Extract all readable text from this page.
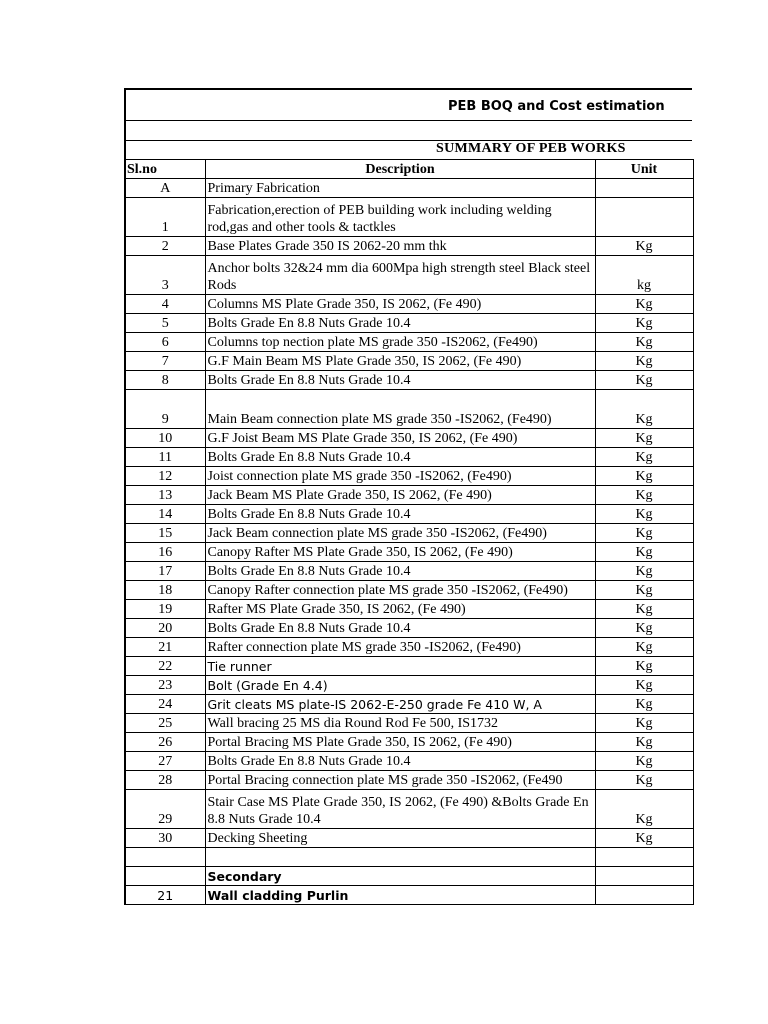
PEB BOQ and Cost estimation
SUMMARY OF PEB WORKS
Sl.no	Description	Unit
A	Primary Fabrication	
1	Fabrication,erection of PEB building work including welding rod,gas and other tools & tactkles	
2	Base Plates Grade 350 IS 2062-20 mm thk	Kg
3	Anchor bolts 32&24 mm dia 600Mpa high strength steel Black steel Rods	kg
4	Columns MS Plate Grade 350, IS 2062, (Fe 490)	Kg
5	Bolts Grade En 8.8 Nuts Grade 10.4	Kg
6	Columns top nection plate MS grade 350 -IS2062, (Fe490)	Kg
7	G.F Main Beam MS Plate Grade 350, IS 2062, (Fe 490)	Kg
8	Bolts Grade En 8.8 Nuts Grade 10.4	Kg
9	Main Beam connection plate MS grade 350 -IS2062, (Fe490)	Kg
10	G.F Joist Beam MS Plate Grade 350, IS 2062, (Fe 490)	Kg
11	Bolts Grade En 8.8 Nuts Grade 10.4	Kg
12	Joist connection plate MS grade 350 -IS2062, (Fe490)	Kg
13	Jack Beam MS Plate Grade 350, IS 2062, (Fe 490)	Kg
14	Bolts Grade En 8.8 Nuts Grade 10.4	Kg
15	Jack Beam connection plate MS grade 350 -IS2062, (Fe490)	Kg
16	Canopy Rafter MS Plate Grade 350, IS 2062, (Fe 490)	Kg
17	Bolts Grade En 8.8 Nuts Grade 10.4	Kg
18	Canopy Rafter connection plate MS grade 350 -IS2062, (Fe490)	Kg
19	Rafter MS Plate Grade 350, IS 2062, (Fe 490)	Kg
20	Bolts Grade En 8.8 Nuts Grade 10.4	Kg
21	Rafter connection plate MS grade 350 -IS2062, (Fe490)	Kg
22	Tie runner	Kg
23	Bolt (Grade En 4.4)	Kg
24	Grit cleats MS plate-IS 2062-E-250 grade Fe 410 W, A	Kg
25	Wall bracing 25 MS dia Round Rod Fe 500, IS1732	Kg
26	Portal Bracing MS Plate Grade 350, IS 2062, (Fe 490)	Kg
27	Bolts Grade En 8.8 Nuts Grade 10.4	Kg
28	Portal Bracing connection plate MS grade 350 -IS2062, (Fe490	Kg
29	Stair Case MS Plate Grade 350, IS 2062, (Fe 490) &Bolts Grade En 8.8 Nuts Grade 10.4	Kg
30	Decking Sheeting	Kg

	Secondary	
21	Wall cladding Purlin	
